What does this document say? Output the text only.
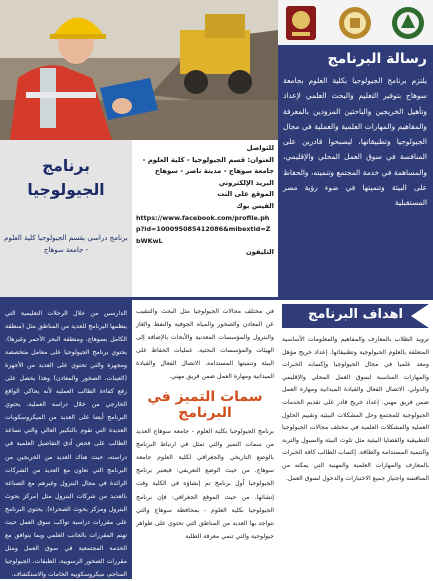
رسالة البرنامج

يلتزم برنامج الجيولوجيا بكلية العلوم بجامعة سوهاج بتوفير التعليم والبحث العلمي لإعداد وتأهيل الخريجين والباحثين المزودين بالمعرفة والمفاهيم والمهارات العلمية والعملية في مجال الجيولوجيا وتطبيقاتها، ليصبحوا قادرين على المنافسة في سوق العمل المحلي والإقليمي، والمساهمة في خدمة المجتمع وتنميته، والحفاظ على البيئة وتنميتها في ضوء رؤية مصر المستقبلية

برنامج
الجيولوجيا
برنامج دراسي بقسم الجيولوجيا كلية العلوم - جامعة سوهاج
للتواصل
العنوان: قسم الجيولوجيا - كلية العلوم - جامعة سوهاج - مدينة ناصر - سوهاج
البريد الإلكتروني
الموقع على النت
الفيس بوك
https://www.facebook.com/profile.php?id=100095085412086&mibextid=ZbWKwL
التليفون

الدارسين من خلال الرحلات التعليمية التي ينظمها البرنامج للعديد من المناطق مثل (منطقة الكامل بسوهاج، ومنطقة البحر الأحمر وغيرها). يحتوي برنامج الجيولوجيا على معامل متخصصة ومجهزة والتي تحتوي على العديد من الأجهزة (العينات، الصخور والمعادن) وهذا يحصل على رفع كفاءة الطالب العملية لأنه يحاكي الواقع الخارجي من خلال دراسة العملية. يحتوي البرنامج أيضا على العديد من الميكروسكوبات العديدة التي تقوم بالتكبير العالي والتي تساعد الطالب على فحص أدق التفاصيل العلمية في دراسته، حيث هناك العديد من الخريجين من البرنامج التي تعاون مع العديد من الشركات الرائدة في مجال البترول وغيرهم مع الصناعة بالعديد من شركات البترول مثل (مركز بحوث البترول ومركز بحوث الصحراء). يحتوي البرنامج على مقررات دراسية تواكب سوق العمل حيث تهتم المقررات بالجانب العلمي وبما يتوافق مع الخدمة المجتمعية في سوق العمل ومثل مقررات الصخور الرسوبية، الطبقات، الجيولوجيا المناجم، ميكروسكوبية الخامات والاستكشاف.

في مختلف مجالات الجيولوجيا مثل البحث والتنقيب عن المعادن والصخور والمياه الجوفية والنفط والغاز والبترول والمؤسسات المعدنية والأبحاث بالإضافة إلى الهيئات والمؤسسات البحثية. عمليات الحفاظ على البيئة وتنميتها المستدامة. الاتصال الفعال والقيادة الميدانية ومهارة العمل ضمن فريق مهني.

سمات التميز في البرنامج

برنامج الجيولوجيا بكلية العلوم - جامعة سوهاج العديد من سمات التميز والتي تمثل في ارتباط البرنامج بالوضع التاريخي والجغرافي لكلية العلوم جامعة سوهاج. من حيث الوضع التعريفي: فيعتبر برنامج الجيولوجيا أول برنامج تم إنشاؤه في الكلية وقت إنشائها. من حيث الموقع الجغرافي: فإن برنامج الجيولوجيا بكلية العلوم - بمحافظة سوهاج والتي تتواجد بها العديد من المناطق التي تحتوي على ظواهر جيولوجية والتي تنمي معرفة الطلبة

اهداف البرنامج

تزويد الطلاب بالمعارف والمفاهيم والمعلومات الأساسية المتعلقة بالعلوم الجيولوجية وتطبيقاتها. إعداد خريج مؤهل ومعد علميا في مجال الجيولوجيا وإكسابه الخبرات والمهارات المناسبة لسوق العمل المحلي والإقليمي والدولي. الاتصال الفعال والقيادة الميدانية ومهارة العمل ضمن فريق مهني. إعداد خريج قادر على تقديم الخدمات الجيولوجية للمجتمع وحل المشكلات البيئية وتقييم الحلول العملية والمشكلات العلمية في مختلف مجالات الجيولوجيا التطبيقية والقضايا البيئية مثل تلوث البيئة والسيول والتربة والتنمية المستدامة والطاقة. إكساب الطالب كافة الخبرات بالمعارف والمهارات العلمية والمهنية التي يمكنه من المنافسة واجتياز جميع الاختبارات والدخول لسوق العمل.
